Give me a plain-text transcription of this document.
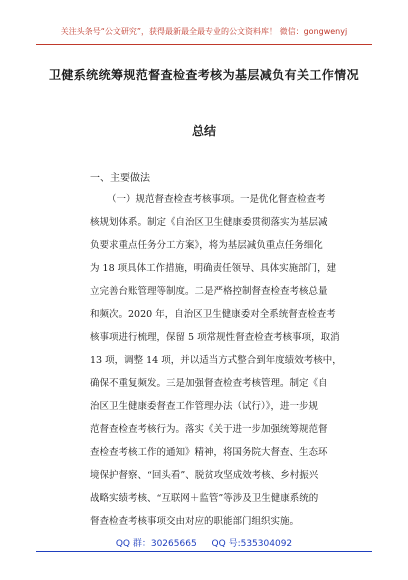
关注头条号“公文研究”，获得最新最全最专业的公文资料库！ 微信：gongwenyj
卫健系统统筹规范督查检查考核为基层减负有关工作情况
总结
一、主要做法
（一）规范督查检查考核事项。一是优化督查检查考
核规划体系。制定《自治区卫生健康委贯彻落实为基层减
负要求重点任务分工方案》，将为基层减负重点任务细化
为 18 项具体工作措施，明确责任领导、具体实施部门，建
立完善台账管理等制度。二是严格控制督查检查考核总量
和频次。2020 年，自治区卫生健康委对全系统督查检查考
核事项进行梳理，保留 5 项常规性督查检查考核事项，取消
13 项，调整 14 项，并以适当方式整合到年度绩效考核中，
确保不重复频发。三是加强督查检查考核管理。制定《自
治区卫生健康委督查工作管理办法（试行）》，进一步规
范督查检查考核行为。落实《关于进一步加强统筹规范督
查检查考核工作的通知》精神，将国务院大督查、生态环
境保护督察、“回头看”、脱贫攻坚成效考核、乡村振兴
战略实绩考核、“互联网＋监管”等涉及卫生健康系统的
督查检查考核事项交由对应的职能部门组织实施。
QQ 群：30265665 QQ 号:535304092
